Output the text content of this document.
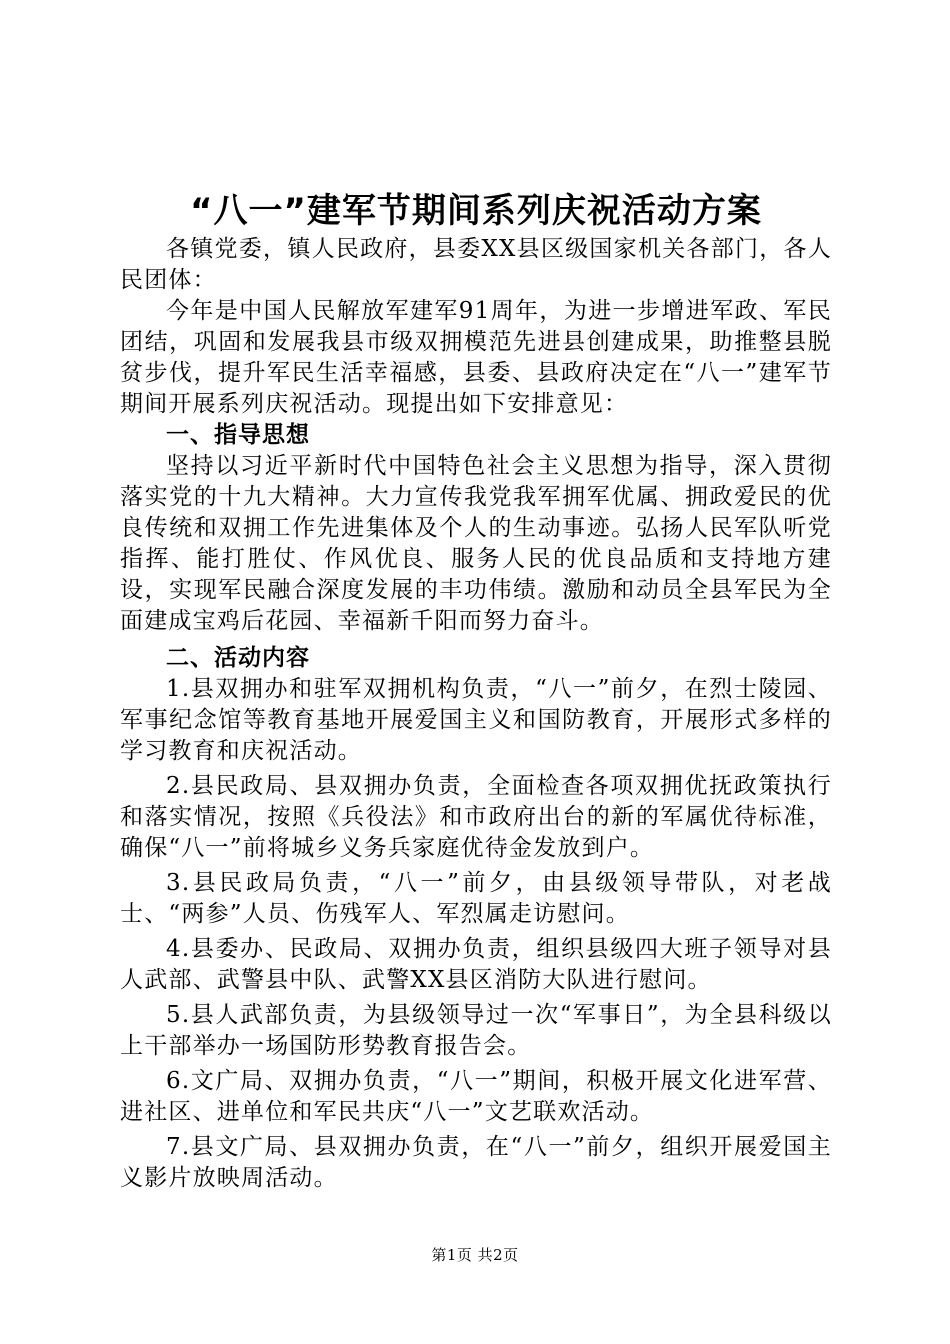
“八一”建军节期间系列庆祝活动方案

各镇党委，镇人民政府，县委XX县区级国家机关各部门，各人民团体：

今年是中国人民解放军建军91周年，为进一步增进军政、军民团结，巩固和发展我县市级双拥模范先进县创建成果，助推整县脱贫步伐，提升军民生活幸福感，县委、县政府决定在“八一”建军节期间开展系列庆祝活动。现提出如下安排意见：

一、指导思想

坚持以习近平新时代中国特色社会主义思想为指导，深入贯彻落实党的十九大精神。大力宣传我党我军拥军优属、拥政爱民的优良传统和双拥工作先进集体及个人的生动事迹。弘扬人民军队听党指挥、能打胜仗、作风优良、服务人民的优良品质和支持地方建设，实现军民融合深度发展的丰功伟绩。激励和动员全县军民为全面建成宝鸡后花园、幸福新千阳而努力奋斗。

二、活动内容

1.县双拥办和驻军双拥机构负责，“八一”前夕，在烈士陵园、军事纪念馆等教育基地开展爱国主义和国防教育，开展形式多样的学习教育和庆祝活动。

2.县民政局、县双拥办负责，全面检查各项双拥优抚政策执行和落实情况，按照《兵役法》和市政府出台的新的军属优待标准，确保“八一”前将城乡义务兵家庭优待金发放到户。

3.县民政局负责，“八一”前夕，由县级领导带队，对老战士、“两参”人员、伤残军人、军烈属走访慰问。

4.县委办、民政局、双拥办负责，组织县级四大班子领导对县人武部、武警县中队、武警XX县区消防大队进行慰问。

5.县人武部负责，为县级领导过一次“军事日”，为全县科级以上干部举办一场国防形势教育报告会。

6.文广局、双拥办负责，“八一”期间，积极开展文化进军营、进社区、进单位和军民共庆“八一”文艺联欢活动。

7.县文广局、县双拥办负责，在“八一”前夕，组织开展爱国主义影片放映周活动。

第1页 共2页
